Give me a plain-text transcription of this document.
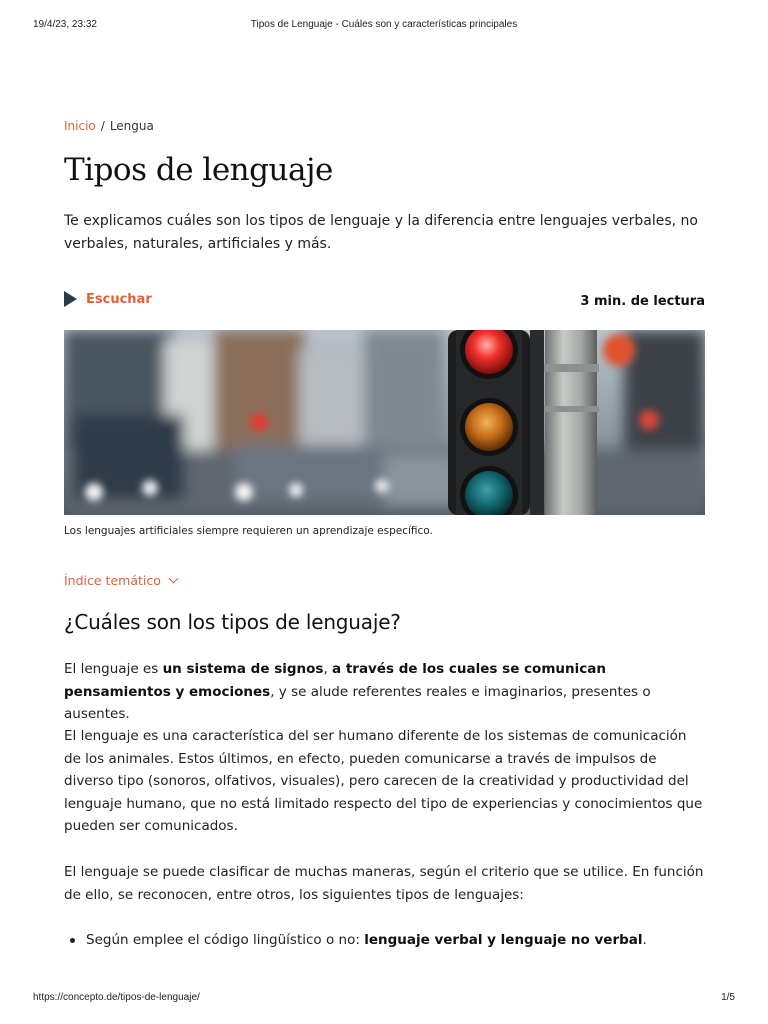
19/4/23, 23:32	Tipos de Lenguaje - Cuáles son y características principales
Inicio / Lengua
Tipos de lenguaje

Te explicamos cuáles son los tipos de lenguaje y la diferencia entre lenguajes verbales, no verbales, naturales, artificiales y más.

Escuchar	3 min. de lectura
Los lenguajes artificiales siempre requieren un aprendizaje específico.
Índice temático
¿Cuáles son los tipos de lenguaje?

El lenguaje es un sistema de signos, a través de los cuales se comunican pensamientos y emociones, y se alude referentes reales e imaginarios, presentes o ausentes.

El lenguaje es una característica del ser humano diferente de los sistemas de comunicación de los animales. Estos últimos, en efecto, pueden comunicarse a través de impulsos de diverso tipo (sonoros, olfativos, visuales), pero carecen de la creatividad y productividad del lenguaje humano, que no está limitado respecto del tipo de experiencias y conocimientos que pueden ser comunicados.

El lenguaje se puede clasificar de muchas maneras, según el criterio que se utilice. En función de ello, se reconocen, entre otros, los siguientes tipos de lenguajes:

Según emplee el código lingüístico o no: lenguaje verbal y lenguaje no verbal.
https://concepto.de/tipos-de-lenguaje/	1/5
